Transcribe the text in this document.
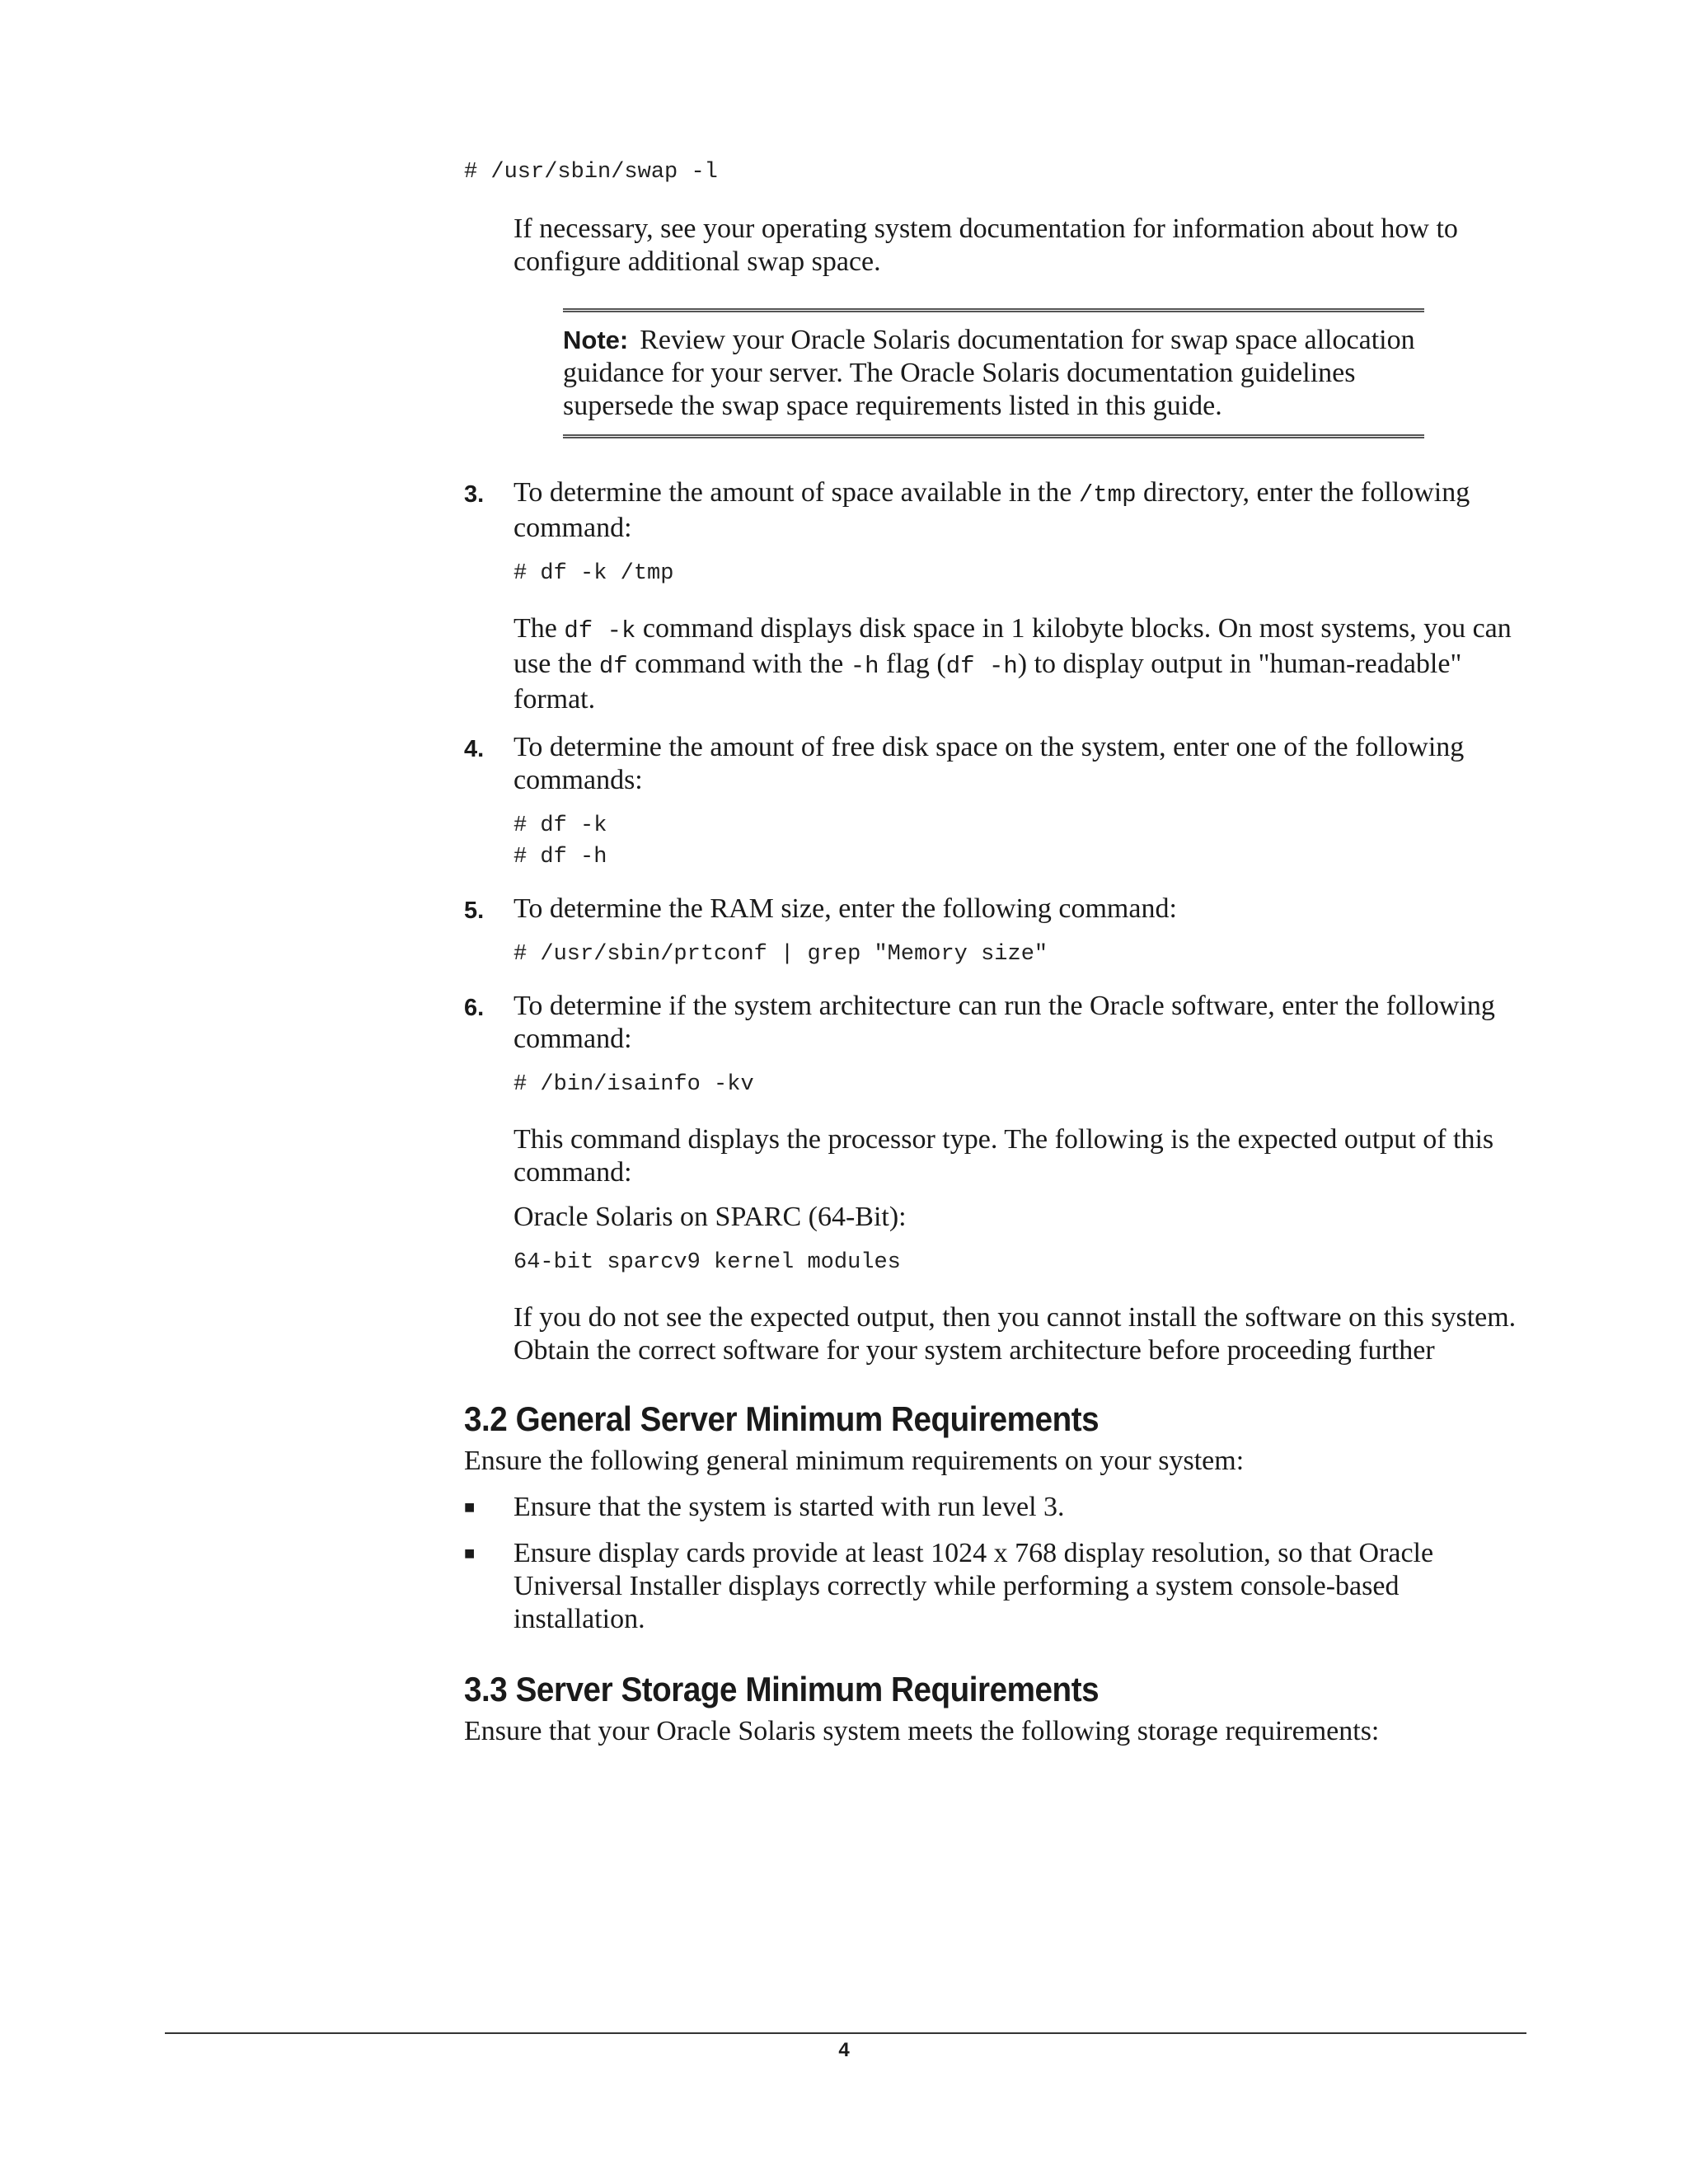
# /usr/sbin/swap -l

If necessary, see your operating system documentation for information about how to configure additional swap space.

Note: Review your Oracle Solaris documentation for swap space allocation guidance for your server. The Oracle Solaris documentation guidelines supersede the swap space requirements listed in this guide.

3.	To determine the amount of space available in the /tmp directory, enter the following command:

# df -k /tmp

The df -k command displays disk space in 1 kilobyte blocks. On most systems, you can use the df command with the -h flag (df -h) to display output in "human-readable" format.

4.	To determine the amount of free disk space on the system, enter one of the following commands:

# df -k
# df -h
5.	To determine the RAM size, enter the following command:

# /usr/sbin/prtconf | grep "Memory size"
6.	To determine if the system architecture can run the Oracle software, enter the following command:

# /bin/isainfo -kv

This command displays the processor type. The following is the expected output of this command:

Oracle Solaris on SPARC (64-Bit):

64-bit sparcv9 kernel modules

If you do not see the expected output, then you cannot install the software on this system. Obtain the correct software for your system architecture before proceeding further

3.2 General Server Minimum Requirements

Ensure the following general minimum requirements on your system:

■	Ensure that the system is started with run level 3.
■	Ensure display cards provide at least 1024 x 768 display resolution, so that Oracle Universal Installer displays correctly while performing a system console-based installation.
3.3 Server Storage Minimum Requirements

Ensure that your Oracle Solaris system meets the following storage requirements:

4
